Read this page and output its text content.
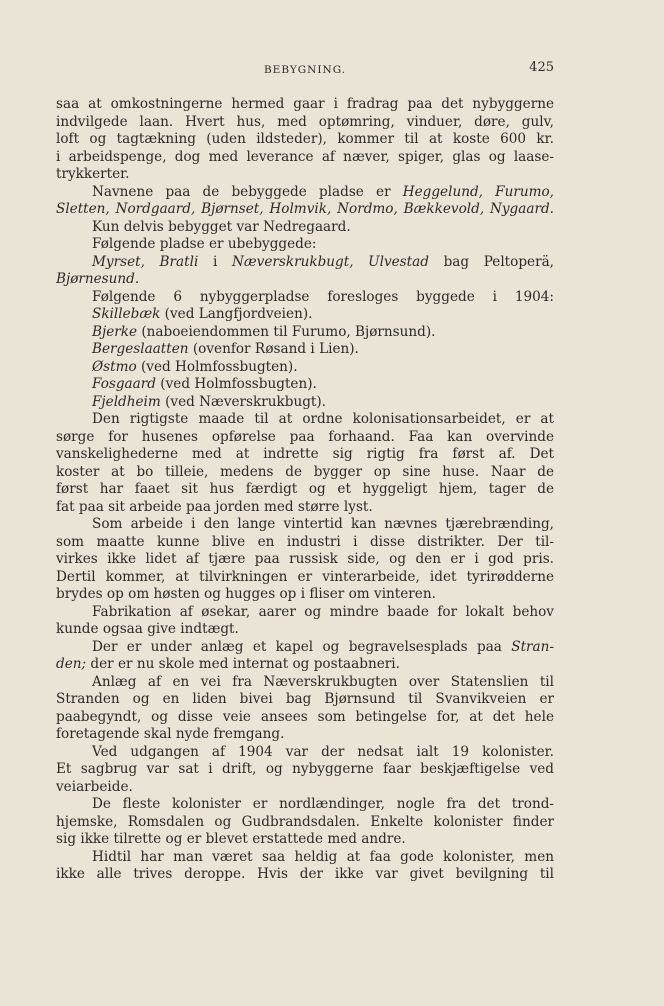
BEBYGNING.	425
saa at omkostningerne hermed gaar i fradrag paa det nybyggerne
indvilgede laan. Hvert hus, med optømring, vinduer, døre, gulv,
loft og tagtækning (uden ildsteder), kommer til at koste 600 kr.
i arbeidspenge, dog med leverance af næver, spiger, glas og laase-
trykkerter.
Navnene paa de bebyggede pladse er Heggelund, Furumo,
Sletten, Nordgaard, Bjørnset, Holmvik, Nordmo, Bækkevold, Nygaard.
Kun delvis bebygget var Nedregaard.
Følgende pladse er ubebyggede:
Myrset, Bratli i Næverskrukbugt, Ulvestad bag Peltoperä,
Bjørnesund.
Følgende 6 nybyggerpladse foresloges byggede i 1904:
Skillebæk (ved Langfjordveien).
Bjerke (naboeiendommen til Furumo, Bjørnsund).
Bergeslaatten (ovenfor Røsand i Lien).
Østmo (ved Holmfossbugten).
Fosgaard (ved Holmfossbugten).
Fjeldheim (ved Næverskrukbugt).
Den rigtigste maade til at ordne kolonisationsarbeidet, er at
sørge for husenes opførelse paa forhaand. Faa kan overvinde
vanskelighederne med at indrette sig rigtig fra først af. Det
koster at bo tilleie, medens de bygger op sine huse. Naar de
først har faaet sit hus færdigt og et hyggeligt hjem, tager de
fat paa sit arbeide paa jorden med større lyst.
Som arbeide i den lange vintertid kan nævnes tjærebrænding,
som maatte kunne blive en industri i disse distrikter. Der til-
virkes ikke lidet af tjære paa russisk side, og den er i god pris.
Dertil kommer, at tilvirkningen er vinterarbeide, idet tyrirødderne
brydes op om høsten og hugges op i fliser om vinteren.
Fabrikation af øsekar, aarer og mindre baade for lokalt behov
kunde ogsaa give indtægt.
Der er under anlæg et kapel og begravelsesplads paa Stran-
den; der er nu skole med internat og postaabneri.
Anlæg af en vei fra Næverskrukbugten over Statenslien til
Stranden og en liden bivei bag Bjørnsund til Svanvikveien er
paabegyndt, og disse veie ansees som betingelse for, at det hele
foretagende skal nyde fremgang.
Ved udgangen af 1904 var der nedsat ialt 19 kolonister.
Et sagbrug var sat i drift, og nybyggerne faar beskjæftigelse ved
veiarbeide.
De fleste kolonister er nordlændinger, nogle fra det trond-
hjemske, Romsdalen og Gudbrandsdalen. Enkelte kolonister finder
sig ikke tilrette og er blevet erstattede med andre.
Hidtil har man været saa heldig at faa gode kolonister, men
ikke alle trives deroppe. Hvis der ikke var givet bevilgning til
